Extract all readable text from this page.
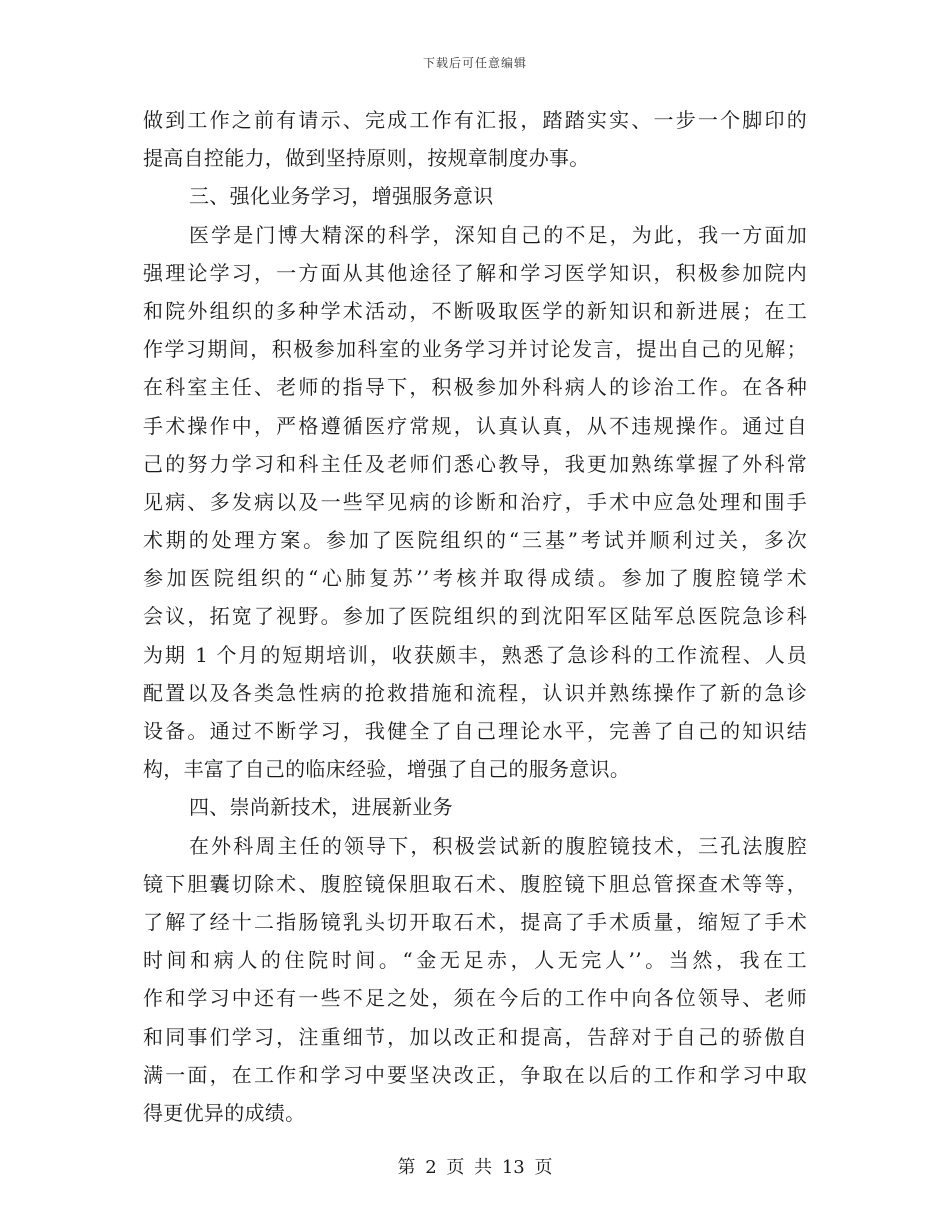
下载后可任意编辑
做到工作之前有请示、完成工作有汇报，踏踏实实、一步一个脚印的
提高自控能力，做到坚持原则，按规章制度办事。
三、强化业务学习，增强服务意识
医学是门博大精深的科学，深知自己的不足，为此，我一方面加
强理论学习，一方面从其他途径了解和学习医学知识，积极参加院内
和院外组织的多种学术活动，不断吸取医学的新知识和新进展；在工
作学习期间，积极参加科室的业务学习并讨论发言，提出自己的见解；
在科室主任、老师的指导下，积极参加外科病人的诊治工作。在各种
手术操作中，严格遵循医疗常规，认真认真，从不违规操作。通过自
己的努力学习和科主任及老师们悉心教导，我更加熟练掌握了外科常
见病、多发病以及一些罕见病的诊断和治疗，手术中应急处理和围手
术期的处理方案。参加了医院组织的“三基”考试并顺利过关，多次
参加医院组织的“心肺复苏’’考核并取得成绩。参加了腹腔镜学术
会议，拓宽了视野。参加了医院组织的到沈阳军区陆军总医院急诊科
为期 1 个月的短期培训，收获颇丰，熟悉了急诊科的工作流程、人员
配置以及各类急性病的抢救措施和流程，认识并熟练操作了新的急诊
设备。通过不断学习，我健全了自己理论水平，完善了自己的知识结
构，丰富了自己的临床经验，增强了自己的服务意识。
四、崇尚新技术，进展新业务
在外科周主任的领导下，积极尝试新的腹腔镜技术，三孔法腹腔
镜下胆囊切除术、腹腔镜保胆取石术、腹腔镜下胆总管探查术等等，
了解了经十二指肠镜乳头切开取石术，提高了手术质量，缩短了手术
时间和病人的住院时间。“金无足赤，人无完人’’。当然，我在工
作和学习中还有一些不足之处，须在今后的工作中向各位领导、老师
和同事们学习，注重细节，加以改正和提高，告辞对于自己的骄傲自
满一面，在工作和学习中要坚决改正，争取在以后的工作和学习中取
得更优异的成绩。
第 2 页 共 13 页
